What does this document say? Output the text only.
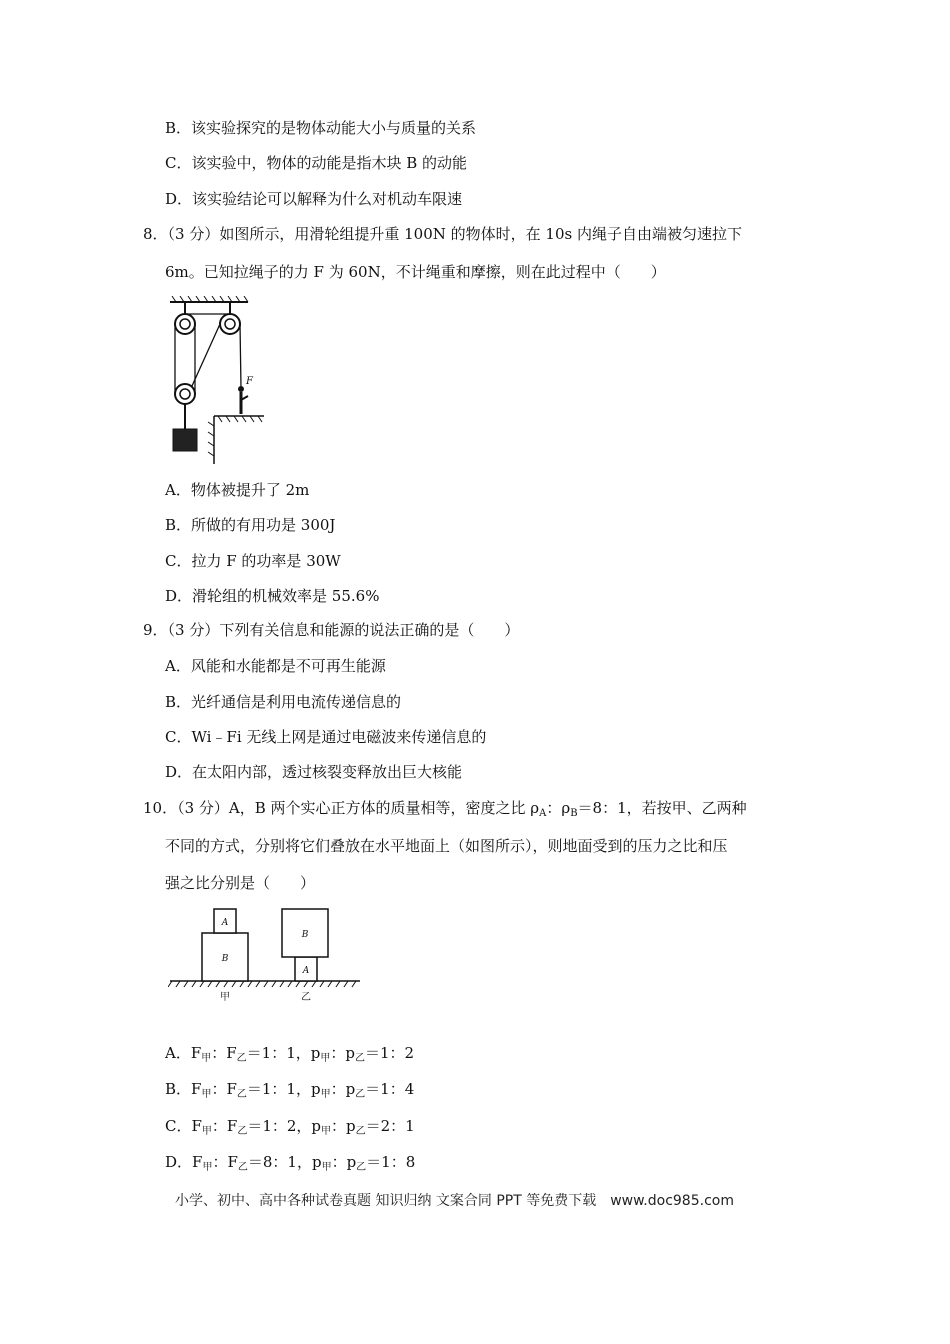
B．该实验探究的是物体动能大小与质量的关系
C．该实验中，物体的动能是指木块 B 的动能
D．该实验结论可以解释为什么对机动车限速
8．（3 分）如图所示，用滑轮组提升重 100N 的物体时，在 10s 内绳子自由端被匀速拉下
6m。已知拉绳子的力 F 为 60N，不计绳重和摩擦，则在此过程中（　　）
F
A．物体被提升了 2m
B．所做的有用功是 300J
C．拉力 F 的功率是 30W
D．滑轮组的机械效率是 55.6%
9．（3 分）下列有关信息和能源的说法正确的是（　　）
A．风能和水能都是不可再生能源
B．光纤通信是利用电流传递信息的
C．Wi﹣Fi 无线上网是通过电磁波来传递信息的
D．在太阳内部，透过核裂变释放出巨大核能
10．（3 分）A，B 两个实心正方体的质量相等，密度之比 $\rho_A$：$\rho_B=8$：1，若按甲、乙两种
不同的方式，分别将它们叠放在水平地面上（如图所示），则地面受到的压力之比和压
强之比分别是（　　）
A
B
甲
B
A
乙
A．$F_甲$：$F_乙=1$：1，$p_甲$：$p_乙=1$：2
B．$F_甲$：$F_乙=1$：1，$p_甲$：$p_乙=1$：4
C．$F_甲$：$F_乙=1$：2，$p_甲$：$p_乙=2$：1
D．$F_甲$：$F_乙=8$：1，$p_甲$：$p_乙=1$：8
小学、初中、高中各种试卷真题 知识归纳 文案合同 PPT 等免费下载　www.doc985.com
